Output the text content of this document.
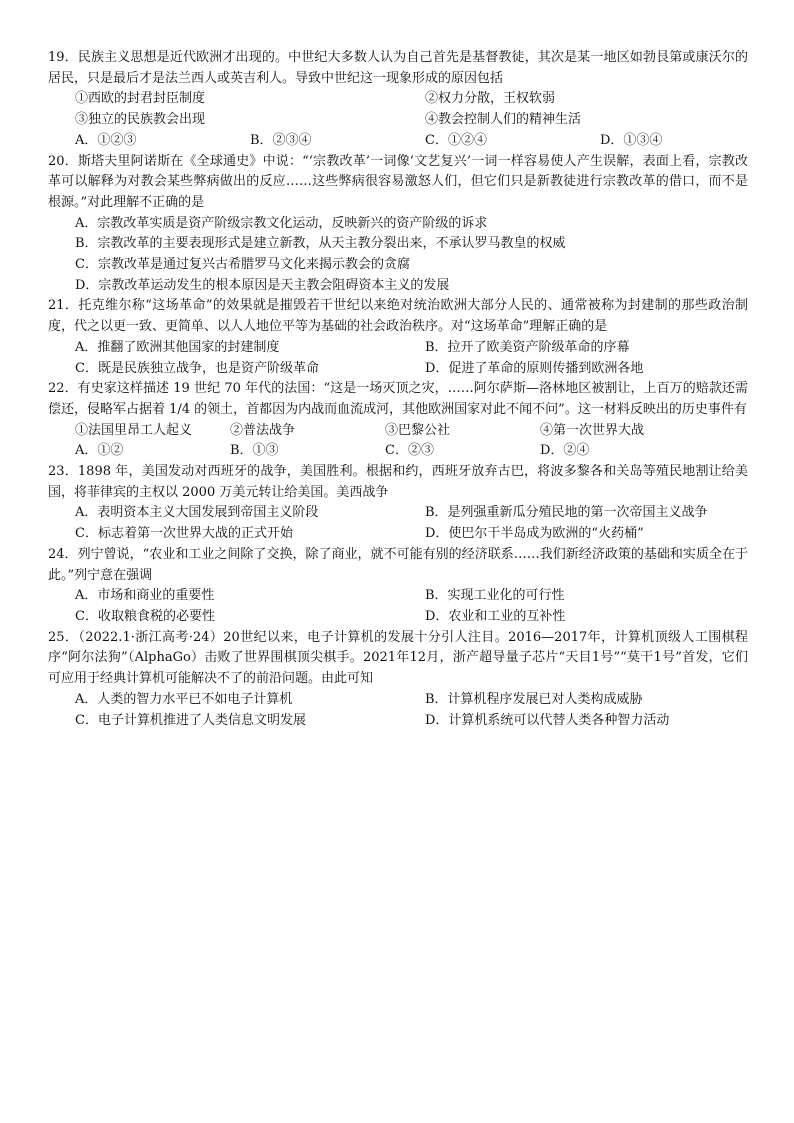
19．民族主义思想是近代欧洲才出现的。中世纪大多数人认为自己首先是基督教徒，其次是某一地区如勃艮第或康沃尔的居民，只是最后才是法兰西人或英吉利人。导致中世纪这一现象形成的原因包括

①西欧的封君封臣制度	②权力分散，王权软弱
③独立的民族教会出现	④教会控制人们的精神生活
A．①②③	B．②③④	C．①②④	D．①③④

20．斯塔夫里阿诺斯在《全球通史》中说：“‘宗教改革’一词像‘文艺复兴’一词一样容易使人产生误解，表面上看，宗教改革可以解释为对教会某些弊病做出的反应……这些弊病很容易激怒人们，但它们只是新教徒进行宗教改革的借口，而不是根源。”对此理解不正确的是

A．宗教改革实质是资产阶级宗教文化运动，反映新兴的资产阶级的诉求
B．宗教改革的主要表现形式是建立新教，从天主教分裂出来，不承认罗马教皇的权威
C．宗教改革是通过复兴古希腊罗马文化来揭示教会的贪腐
D．宗教改革运动发生的根本原因是天主教会阻碍资本主义的发展

21．托克维尔称“这场革命”的效果就是摧毁若干世纪以来绝对统治欧洲大部分人民的、通常被称为封建制的那些政治制度，代之以更一致、更简单、以人人地位平等为基础的社会政治秩序。对“这场革命”理解正确的是

A．推翻了欧洲其他国家的封建制度	B．拉开了欧美资产阶级革命的序幕
C．既是民族独立战争，也是资产阶级革命	D．促进了革命的原则传播到欧洲各地

22．有史家这样描述 19 世纪 70 年代的法国：“这是一场灭顶之灾，……阿尔萨斯—洛林地区被割让，上百万的赔款还需偿还，侵略军占据着 1/4 的领土，首都因为内战而血流成河，其他欧洲国家对此不闻不问”。这一材料反映出的历史事件有

①法国里昂工人起义	②普法战争	③巴黎公社	④第一次世界大战
A．①②	B．①③	C．②③	D．②④

23．1898 年，美国发动对西班牙的战争，美国胜利。根据和约，西班牙放弃古巴，将波多黎各和关岛等殖民地割让给美国，将菲律宾的主权以 2000 万美元转让给美国。美西战争

A．表明资本主义大国发展到帝国主义阶段	B．是列强重新瓜分殖民地的第一次帝国主义战争
C．标志着第一次世界大战的正式开始	D．使巴尔干半岛成为欧洲的“火药桶”

24．列宁曾说，“农业和工业之间除了交换，除了商业，就不可能有别的经济联系……我们新经济政策的基础和实质全在于此。”列宁意在强调

A．市场和商业的重要性	B．实现工业化的可行性
C．收取粮食税的必要性	D．农业和工业的互补性

25．（2022.1·浙江高考·24）20世纪以来，电子计算机的发展十分引人注目。2016—2017年，计算机顶级人工围棋程序“阿尔法狗”（AlphaGo）击败了世界围棋顶尖棋手。2021年12月，浙产超导量子芯片“天目1号”“莫干1号”首发，它们可应用于经典计算机可能解决不了的前沿问题。由此可知

A．人类的智力水平已不如电子计算机	B．计算机程序发展已对人类构成威胁
C．电子计算机推进了人类信息文明发展	D．计算机系统可以代替人类各种智力活动
